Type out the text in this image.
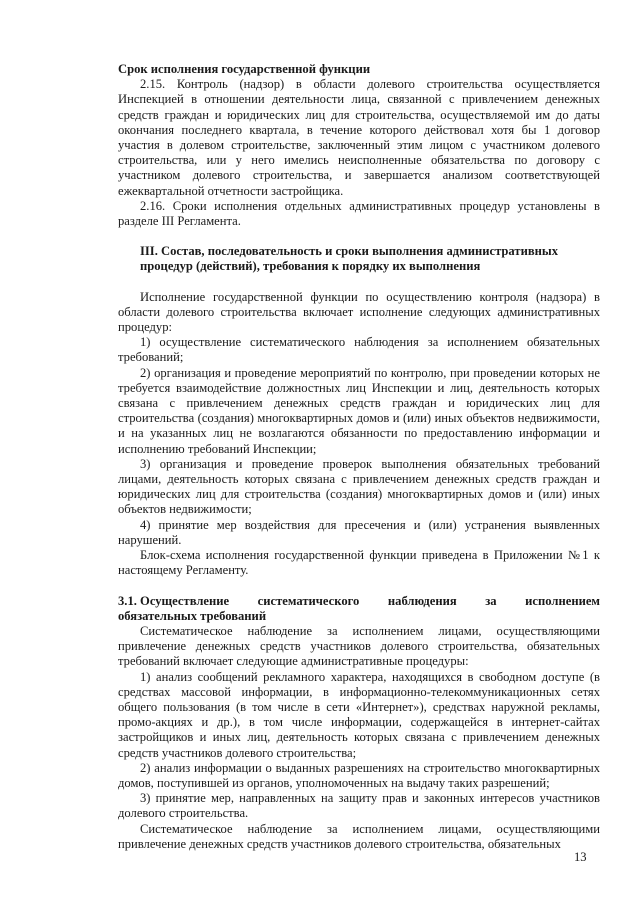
Срок исполнения государственной функции

2.15. Контроль (надзор) в области долевого строительства осуществляется Инспекцией в отношении деятельности лица, связанной с привлечением денежных средств граждан и юридических лиц для строительства, осуществляемой им до даты окончания последнего квартала, в течение которого действовал хотя бы 1 договор участия в долевом строительстве, заключенный этим лицом с участником долевого строительства, или у него имелись неисполненные обязательства по договору с участником долевого строительства, и завершается анализом соответствующей ежеквартальной отчетности застройщика.

2.16. Сроки исполнения отдельных административных процедур установлены в разделе III Регламента.

III. Состав, последовательность и сроки выполнения административных процедур (действий), требования к порядку их выполнения

Исполнение государственной функции по осуществлению контроля (надзора) в области долевого строительства включает исполнение следующих административных процедур:

1) осуществление систематического наблюдения за исполнением обязательных требований;

2) организация и проведение мероприятий по контролю, при проведении которых не требуется взаимодействие должностных лиц Инспекции и лиц, деятельность которых связана с привлечением денежных средств граждан и юридических лиц для строительства (создания) многоквартирных домов и (или) иных объектов недвижимости, и на указанных лиц не возлагаются обязанности по предоставлению информации и исполнению требований Инспекции;

3) организация и проведение проверок выполнения обязательных требований лицами, деятельность которых связана с привлечением денежных средств граждан и юридических лиц для строительства (создания) многоквартирных домов и (или) иных объектов недвижимости;

4) принятие мер воздействия для пресечения и (или) устранения выявленных нарушений.

Блок-схема исполнения государственной функции приведена в Приложении №1 к настоящему Регламенту.

3.1. Осуществление систематического наблюдения за исполнением

обязательных требований

Систематическое наблюдение за исполнением лицами, осуществляющими привлечение денежных средств участников долевого строительства, обязательных требований включает следующие административные процедуры:

1) анализ сообщений рекламного характера, находящихся в свободном доступе (в средствах массовой информации, в информационно-телекоммуникационных сетях общего пользования (в том числе в сети «Интернет»), средствах наружной рекламы, промо-акциях и др.), в том числе информации, содержащейся в интернет-сайтах застройщиков и иных лиц, деятельность которых связана с привлечением денежных средств участников долевого строительства;

2) анализ информации о выданных разрешениях на строительство многоквартирных домов, поступившей из органов, уполномоченных на выдачу таких разрешений;

3) принятие мер, направленных на защиту прав и законных интересов участников долевого строительства.

Систематическое наблюдение за исполнением лицами, осуществляющими привлечение денежных средств участников долевого строительства, обязательных

13
